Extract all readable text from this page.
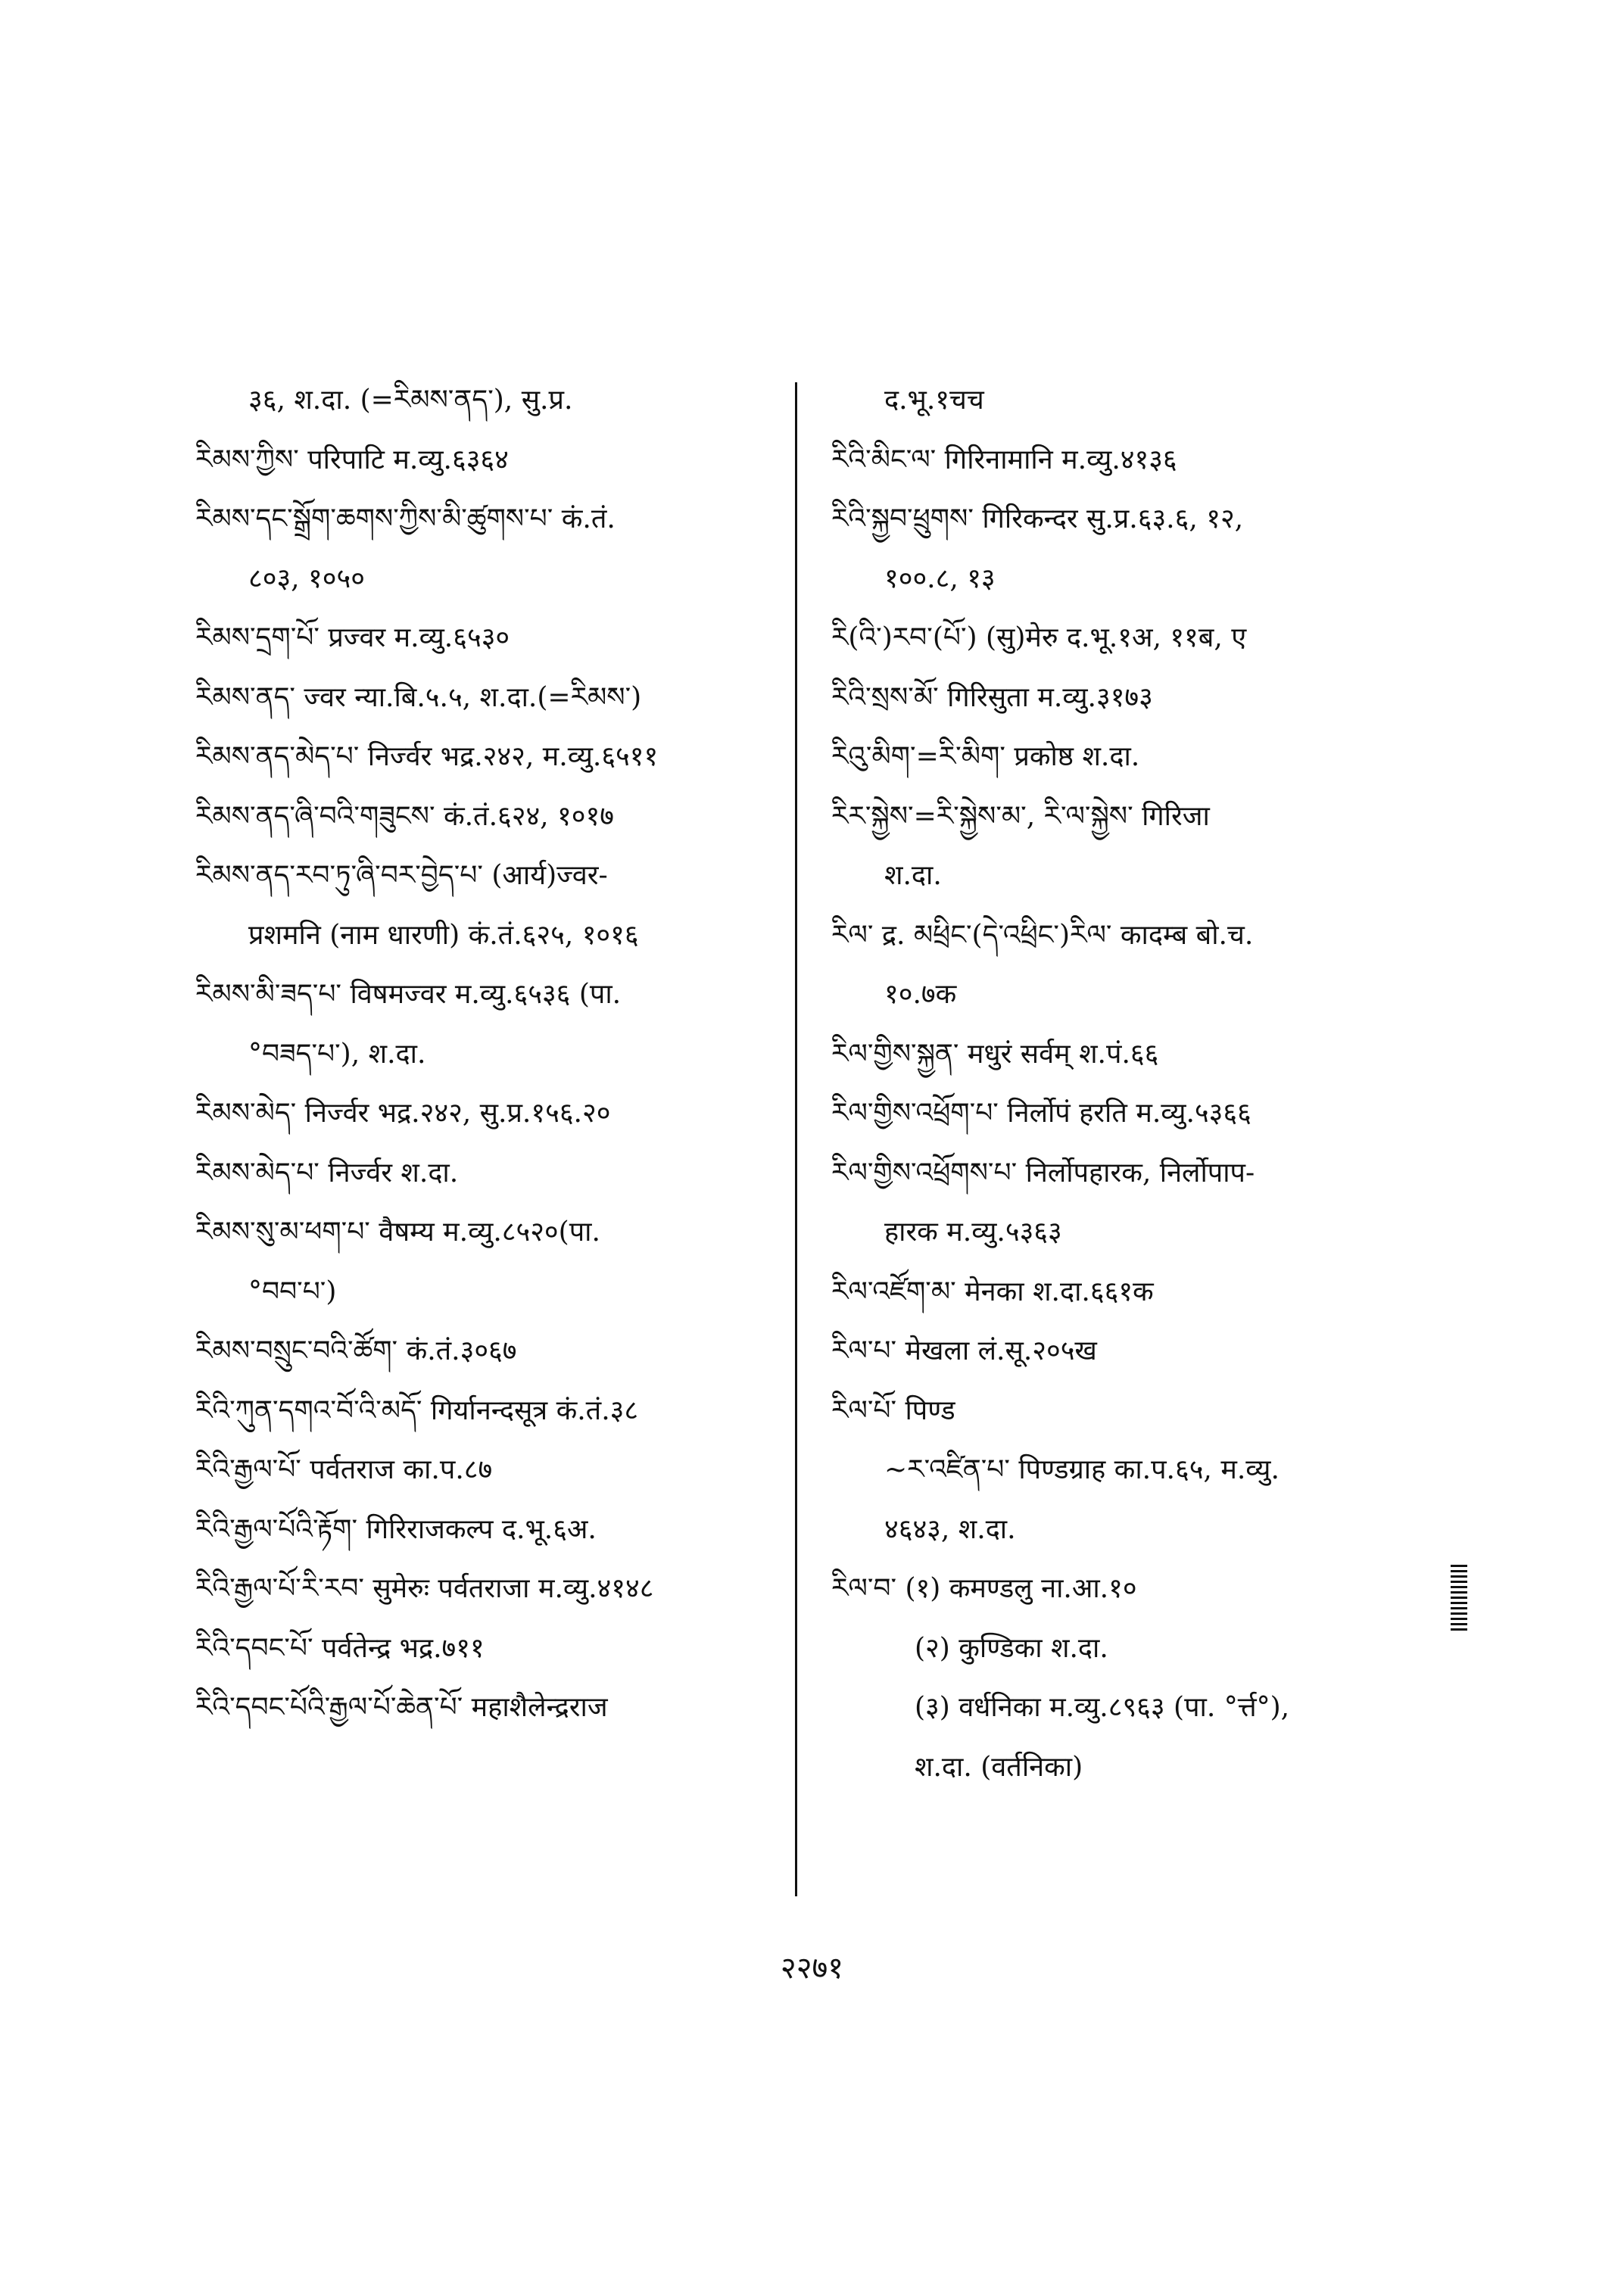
३६, श.दा. (=རིམས་ནད་), सु.प्र.
རིམས་ཀྱིས་ परिपाटि म.व्यु.६३६४
རིམས་དང་སྒྲོག་ཆགས་ཀྱིས་མི་ཚུགས་པ་ कं.तं.
८०३, १०५०
རིམས་དྲག་པོ་ प्रज्वर म.व्यु.६५३०
རིམས་ནད་ ज्वर न्या.बि.५.५, श.दा.(=རིམས་)
རིམས་ནད་མེད་པ་ निर्ज्वर भद्र.२४२, म.व्यु.६५११
རིམས་ནད་ཞི་བའི་གཟུངས་ कं.तं.६२४, १०१७
རིམས་ནད་རབ་ཏུ་ཞི་བར་བྱེད་པ་ (आर्य)ज्वर-
प्रशमनि (नाम धारणी) कं.तं.६२५, १०१६
རིམས་མི་ཟད་པ་ विषमज्वर म.व्यु.६५३६ (पा.
°བཟད་པ་), श.दा.
རིམས་མེད་ निर्ज्वर भद्र.२४२, सु.प्र.१५६.२०
རིམས་མེད་པ་ निर्ज्वर श.दा.
རིམས་སུ་མ་ཕག་པ་ वैषम्य म.व्यु.८५२०(पा.
°བབ་པ་)
རིམས་བསྲུང་བའི་ཚོག་ कं.तं.३०६७
རིའི་ཀུན་དགའ་བོ་འི་མདོ་ गिर्यानन्दसूत्र कं.तं.३८
རིའི་རྒྱལ་པོ་ पर्वतराज का.प.८७
རིའི་རྒྱལ་པོའི་རྟོག་ गिरिराजकल्प द.भू.६अ.
རིའི་རྒྱལ་པོ་རི་རབ་ सुमेरुः पर्वतराजा म.व्यु.४१४८
རིའི་དབང་པོ་ पर्वतेन्द्र भद्र.७११
རིའི་དབང་པོའི་རྒྱལ་པོ་ཆེན་པོ་ महाशैलेन्द्रराज
द.भू.१चच
རིའི་མིང་ལ་ गिरिनामानि म.व्यु.४१३६
རིའི་སྐྱབ་ཕྲུགས་ गिरिकन्दर सु.प्र.६३.६, १२,
१००.८, १३
རི(འི་)རབ་(པོ་) (सु)मेरु द.भू.१अ, ११ब, ए
རིའི་སྲས་མོ་ गिरिसुता म.व्यु.३१७३
རིའུ་མིག་=རི་མིག་ प्रकोष्ठ श.दा.
རིར་སྐྱེས་=རི་སྐྱེས་མ་, རི་ལ་སྐྱེས་ गिरिजा
श.दा.
རིལ་ द्र. མཕྲིང་(དེ་འཕྲིང་)རིལ་ कादम्ब बो.च.
१०.७क
རིལ་གྱིས་སྐྱན་ मधुरं सर्वम् श.पं.६६
རིལ་གྱིས་འཕྲོག་པ་ निर्लोपं हरति म.व्यु.५३६६
རིལ་གྱིས་འཕྲོགས་པ་ निर्लोपहारक, निर्लोपाप-
हारक म.व्यु.५३६३
རིལ་འཛོག་མ་ मेनका श.दा.६६१क
རིལ་པ་ मेखला लं.सू.२०५ख
རིལ་པོ་ पिण्ड
~ར་འཛིན་པ་ पिण्डग्राह का.प.६५, म.व्यु.
४६४३, श.दा.
རིལ་བ་ (१) कमण्डलु ना.आ.१०
(२) कुण्डिका श.दा.
(३) वर्धनिका म.व्यु.८९६३ (पा. °र्त्त°),
श.दा. (वर्तनिका)
२२७१
